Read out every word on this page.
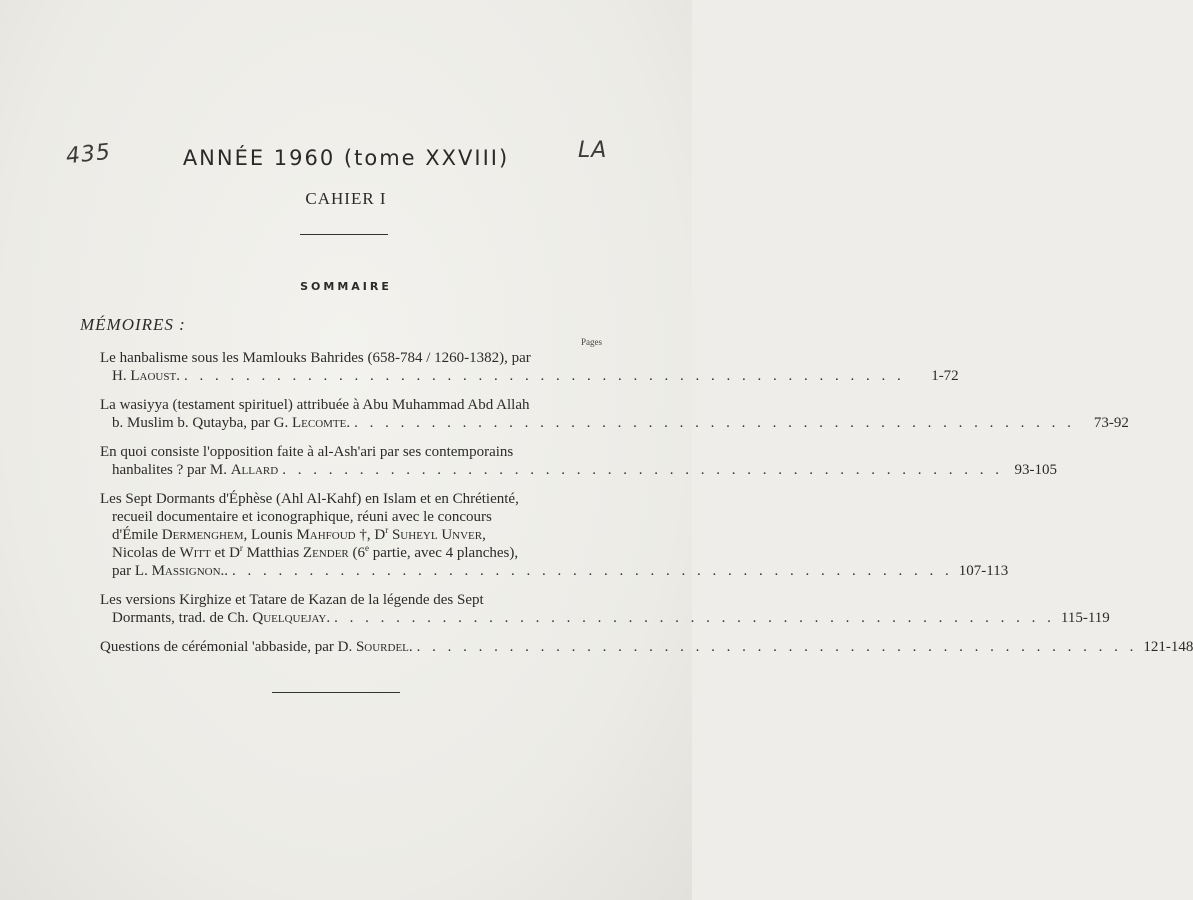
435	LA
ANNÉE 1960 (tome XXVIII)
CAHIER I
SOMMAIRE
MÉMOIRES :
Pages
Le hanbalisme sous les Mamlouks Bahrides (658-784 / 1260-1382), par
H. Laoust. . . . . . . . . . . . . . . . . . . . . . . . . . . . . . . . . . . . . . . . . . . . . . . .	1-72
La wasiyya (testament spirituel) attribuée à Abu Muhammad Abd Allah
b. Muslim b. Qutayba, par G. Lecomte. . . . . . . . . . . . . . . . . . . . . . . . . . . . . . . . . . . . . . . . . . . . . . . .	73-92
En quoi consiste l'opposition faite à al-Ash'ari par ses contemporains
hanbalites ? par M. Allard . . . . . . . . . . . . . . . . . . . . . . . . . . . . . . . . . . . . . . . . . . . . . . . 93-105
Les Sept Dormants d'Éphèse (Ahl Al-Kahf) en Islam et en Chrétienté,
recueil documentaire et iconographique, réuni avec le concours
d'Émile Dermenghem, Lounis Mahfoud †, $D^r$ Suheyl Unver,
Nicolas de Witt et $D^r$ Matthias Zender (6e partie, avec 4 planches),
par L. Massignon.. . . . . . . . . . . . . . . . . . . . . . . . . . . . . . . . . . . . . . . . . . . . . . . . 107-113
Les versions Kirghize et Tatare de Kazan de la légende des Sept
Dormants, trad. de Ch. Quelquejay. . . . . . . . . . . . . . . . . . . . . . . . . . . . . . . . . . . . . . . . . . . . . . . . 115-119
Questions de cérémonial 'abbaside, par D. Sourdel. . . . . . . . . . . . . . . . . . . . . . . . . . . . . . . . . . . . . . . . . . . . . . . . 121-148
